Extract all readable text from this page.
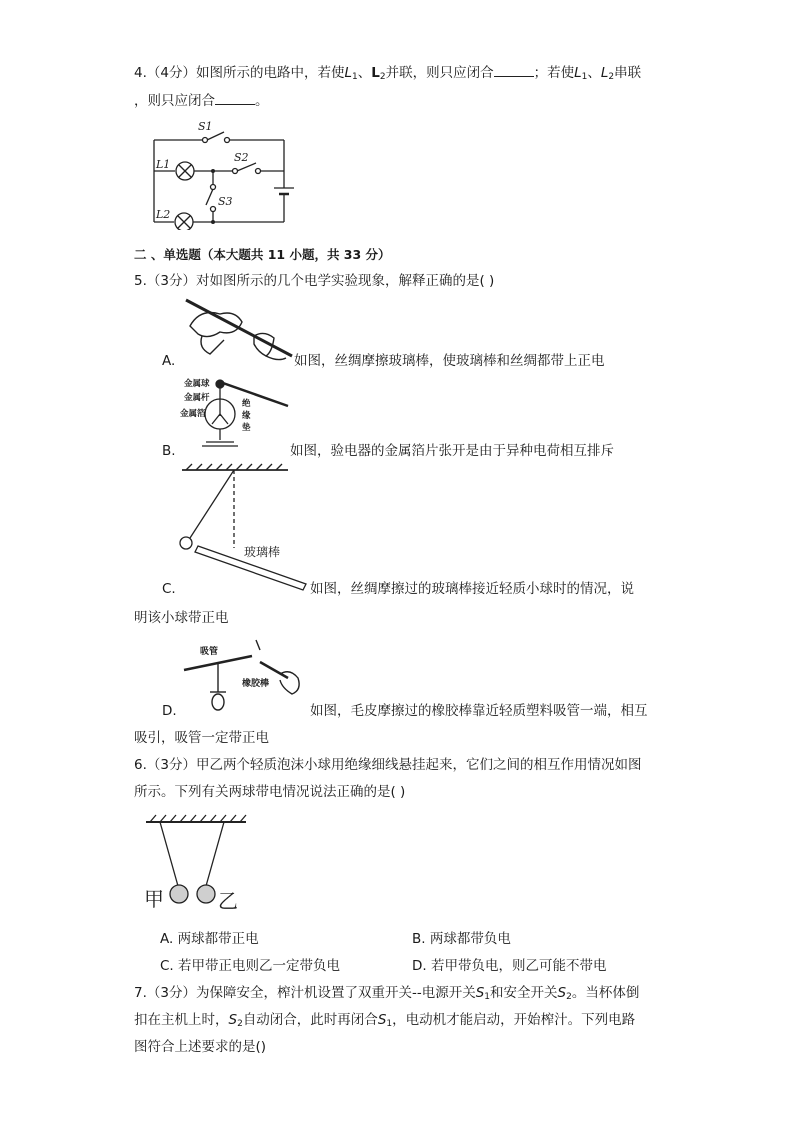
4.（4分）如图所示的电路中，若使$L_1$、$L_2$并联，则只应闭合	；若使$L_1$、$L_2$串联
，则只应闭合	。
S1
S2
S3
L1
L2
二 、单选题（本大题共 11 小题，共 33 分）
5.（3分）对如图所示的几个电学实验现象，解释正确的是( )
A.	如图，丝绸摩擦玻璃棒，使玻璃棒和丝绸都带上正电
金属球
金属杆
金属箔
绝
缘
垫
B.	如图，验电器的金属箔片张开是由于异种电荷相互排斥
玻璃棒
C.	如图，丝绸摩擦过的玻璃棒接近轻质小球时的情况，说
明该小球带正电
吸管
橡胶棒
D.	如图，毛皮摩擦过的橡胶棒靠近轻质塑料吸管一端，相互
吸引，吸管一定带正电
6.（3分）甲乙两个轻质泡沫小球用绝缘细线悬挂起来，它们之间的相互作用情况如图
所示。下列有关两球带电情况说法正确的是( )
甲	乙
A. 两球都带正电	B. 两球都带负电
C. 若甲带正电则乙一定带负电	D. 若甲带负电，则乙可能不带电
7.（3分）为保障安全，榨汁机设置了双重开关--电源开关$S_1$和安全开关$S_2$。当杯体倒
扣在主机上时，$S_2$自动闭合，此时再闭合$S_1$，电动机才能启动，开始榨汁。下列电路
图符合上述要求的是()
